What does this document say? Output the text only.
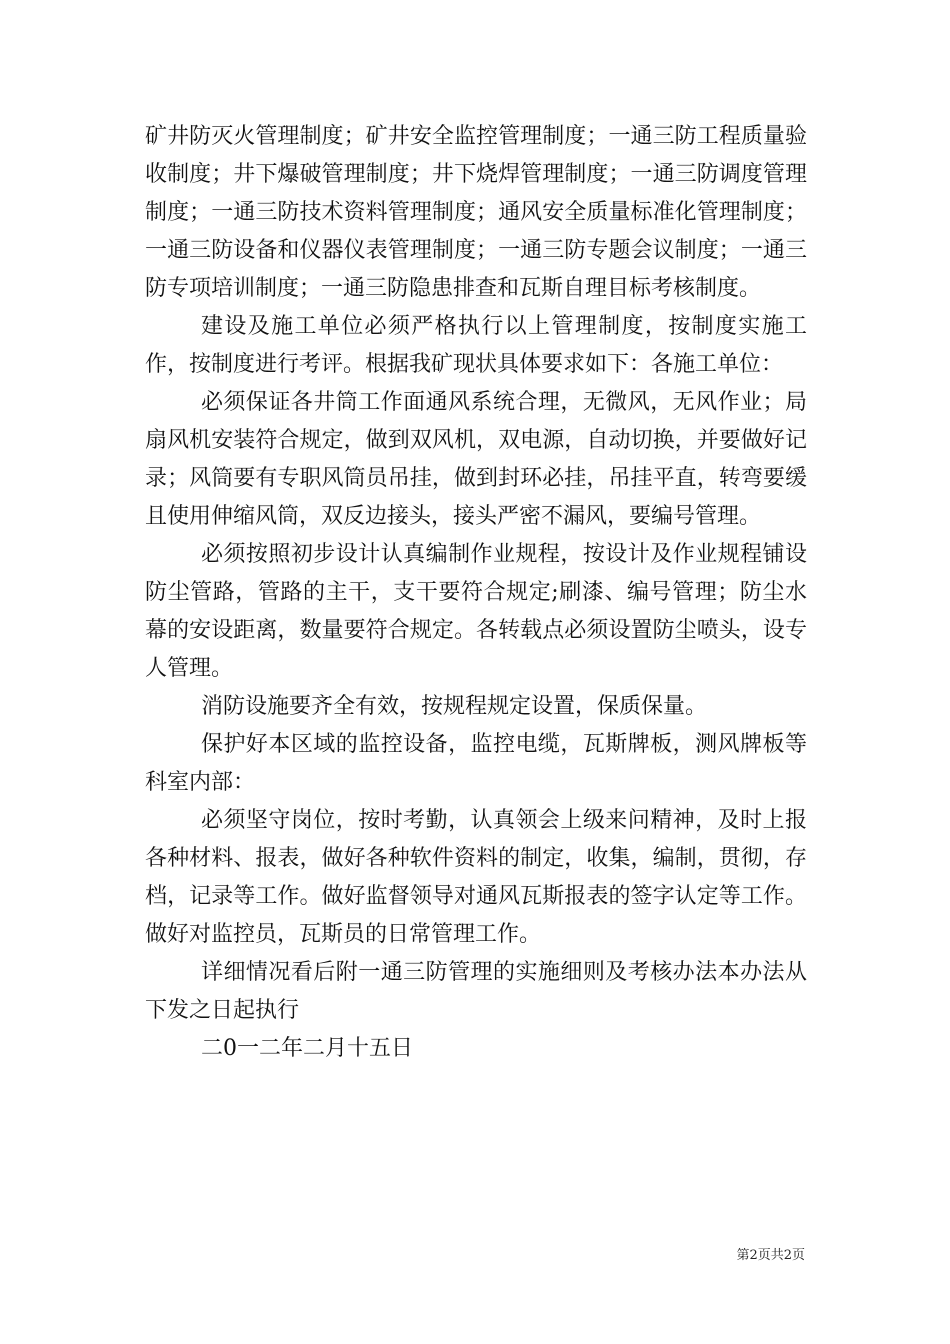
矿井防灭火管理制度；矿井安全监控管理制度；一通三防工程质量验收制度；井下爆破管理制度；井下烧焊管理制度；一通三防调度管理制度；一通三防技术资料管理制度；通风安全质量标准化管理制度；一通三防设备和仪器仪表管理制度；一通三防专题会议制度；一通三防专项培训制度；一通三防隐患排查和瓦斯自理目标考核制度。

建设及施工单位必须严格执行以上管理制度，按制度实施工作，按制度进行考评。根据我矿现状具体要求如下：各施工单位：

必须保证各井筒工作面通风系统合理，无微风，无风作业；局扇风机安装符合规定，做到双风机，双电源，自动切换，并要做好记录；风筒要有专职风筒员吊挂，做到封环必挂，吊挂平直，转弯要缓且使用伸缩风筒，双反边接头，接头严密不漏风，要编号管理。

必须按照初步设计认真编制作业规程，按设计及作业规程铺设防尘管路，管路的主干，支干要符合规定;刷漆、编号管理；防尘水幕的安设距离，数量要符合规定。各转载点必须设置防尘喷头，设专人管理。

消防设施要齐全有效，按规程规定设置，保质保量。

保护好本区域的监控设备，监控电缆，瓦斯牌板，测风牌板等科室内部：

必须坚守岗位，按时考勤，认真领会上级来问精神，及时上报各种材料、报表，做好各种软件资料的制定，收集，编制，贯彻，存档，记录等工作。做好监督领导对通风瓦斯报表的签字认定等工作。做好对监控员，瓦斯员的日常管理工作。

详细情况看后附一通三防管理的实施细则及考核办法本办法从下发之日起执行

二0一二年二月十五日

第2页共2页
